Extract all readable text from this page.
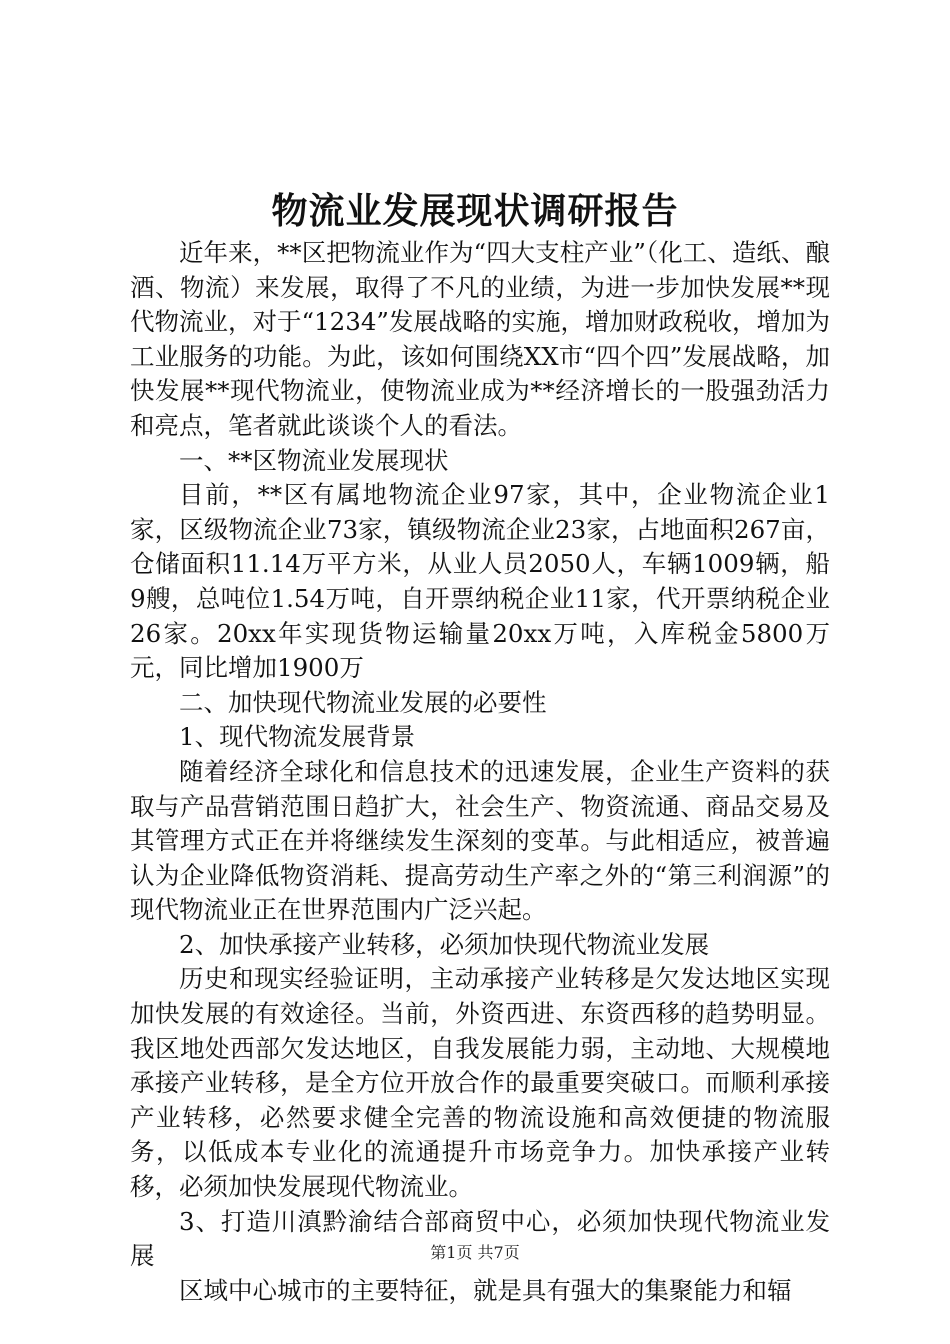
物流业发展现状调研报告

近年来，**区把物流业作为“四大支柱产业”（化工、造纸、酿酒、物流）来发展，取得了不凡的业绩，为进一步加快发展**现代物流业，对于“1234”发展战略的实施，增加财政税收，增加为工业服务的功能。为此，该如何围绕XX市“四个四”发展战略，加快发展**现代物流业，使物流业成为**经济增长的一股强劲活力和亮点，笔者就此谈谈个人的看法。

一、**区物流业发展现状

目前，**区有属地物流企业97家，其中，企业物流企业1家，区级物流企业73家，镇级物流企业23家，占地面积267亩，仓储面积11.14万平方米，从业人员2050人，车辆1009辆，船9艘，总吨位1.54万吨，自开票纳税企业11家，代开票纳税企业26家。20xx年实现货物运输量20xx万吨，入库税金5800万元，同比增加1900万

二、加快现代物流业发展的必要性

1、现代物流发展背景

随着经济全球化和信息技术的迅速发展，企业生产资料的获取与产品营销范围日趋扩大，社会生产、物资流通、商品交易及其管理方式正在并将继续发生深刻的变革。与此相适应，被普遍认为企业降低物资消耗、提高劳动生产率之外的“第三利润源”的现代物流业正在世界范围内广泛兴起。

2、加快承接产业转移，必须加快现代物流业发展

历史和现实经验证明，主动承接产业转移是欠发达地区实现加快发展的有效途径。当前，外资西进、东资西移的趋势明显。我区地处西部欠发达地区，自我发展能力弱，主动地、大规模地承接产业转移，是全方位开放合作的最重要突破口。而顺利承接产业转移，必然要求健全完善的物流设施和高效便捷的物流服务，以低成本专业化的流通提升市场竞争力。加快承接产业转移，必须加快发展现代物流业。

3、打造川滇黔渝结合部商贸中心，必须加快现代物流业发展

区域中心城市的主要特征，就是具有强大的集聚能力和辐

第1页 共7页
